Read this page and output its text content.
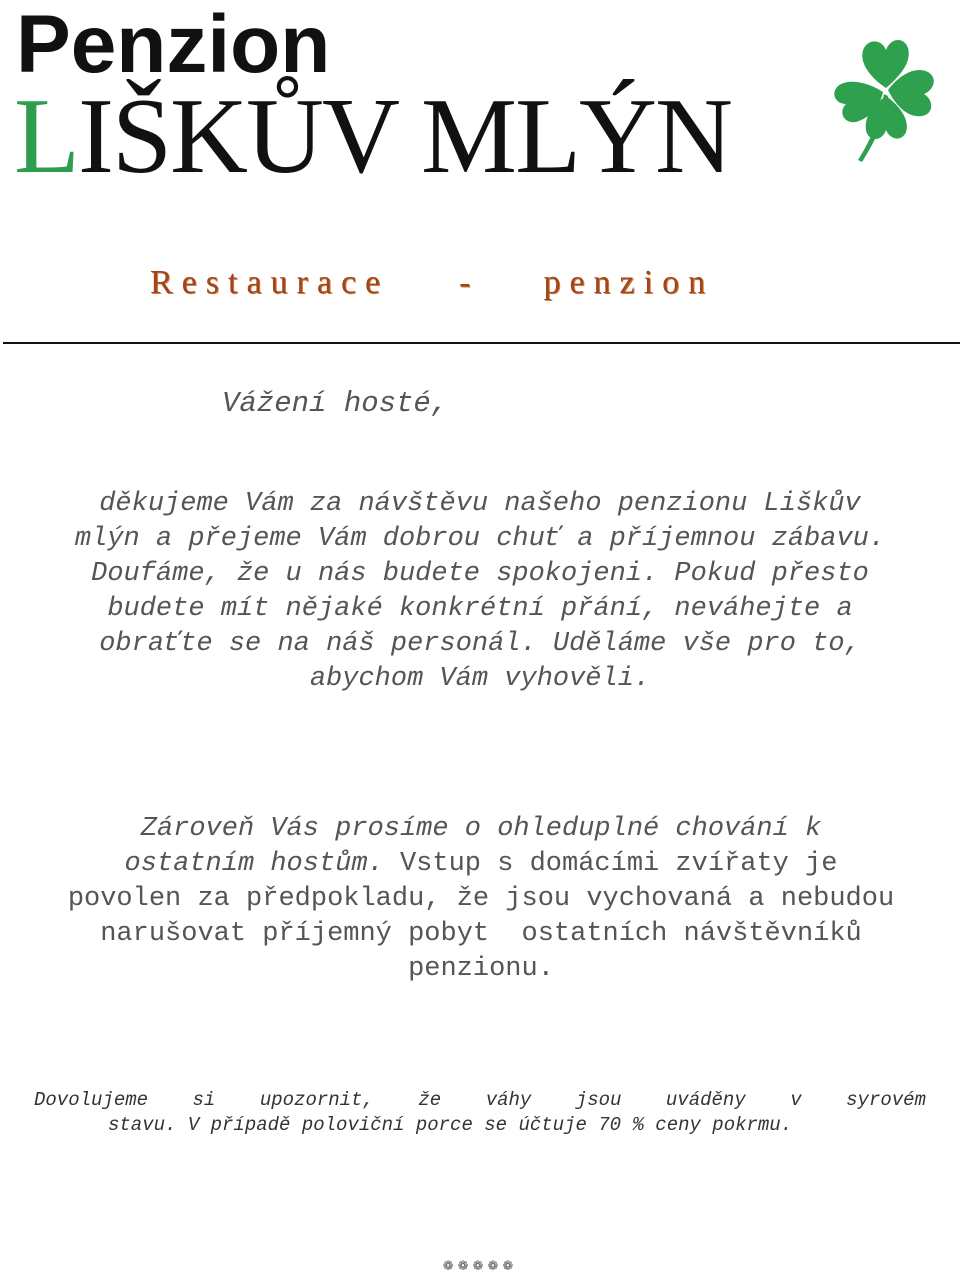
Penzion
LIŠKŮV MLÝN
Restaurace - penzion
Vážení hosté,
děkujeme Vám za návštěvu našeho penzionu Liškův
mlýn a přejeme Vám dobrou chuť a příjemnou zábavu.
Doufáme, že u nás budete spokojeni. Pokud přesto
budete mít nějaké konkrétní přání, neváhejte a
obraťte se na náš personál. Uděláme vše pro to,
abychom Vám vyhověli.
Zároveň Vás prosíme o ohleduplné chování k
ostatním hostům. Vstup s domácími zvířaty je
povolen za předpokladu, že jsou vychovaná a nebudou
narušovat příjemný pobyt  ostatních návštěvníků
penzionu.
Dovolujeme si upozornit, že váhy jsou uváděny v syrovém
stavu. V případě poloviční porce se účtuje 70 % ceny pokrmu.
❁❁❁❁❁
